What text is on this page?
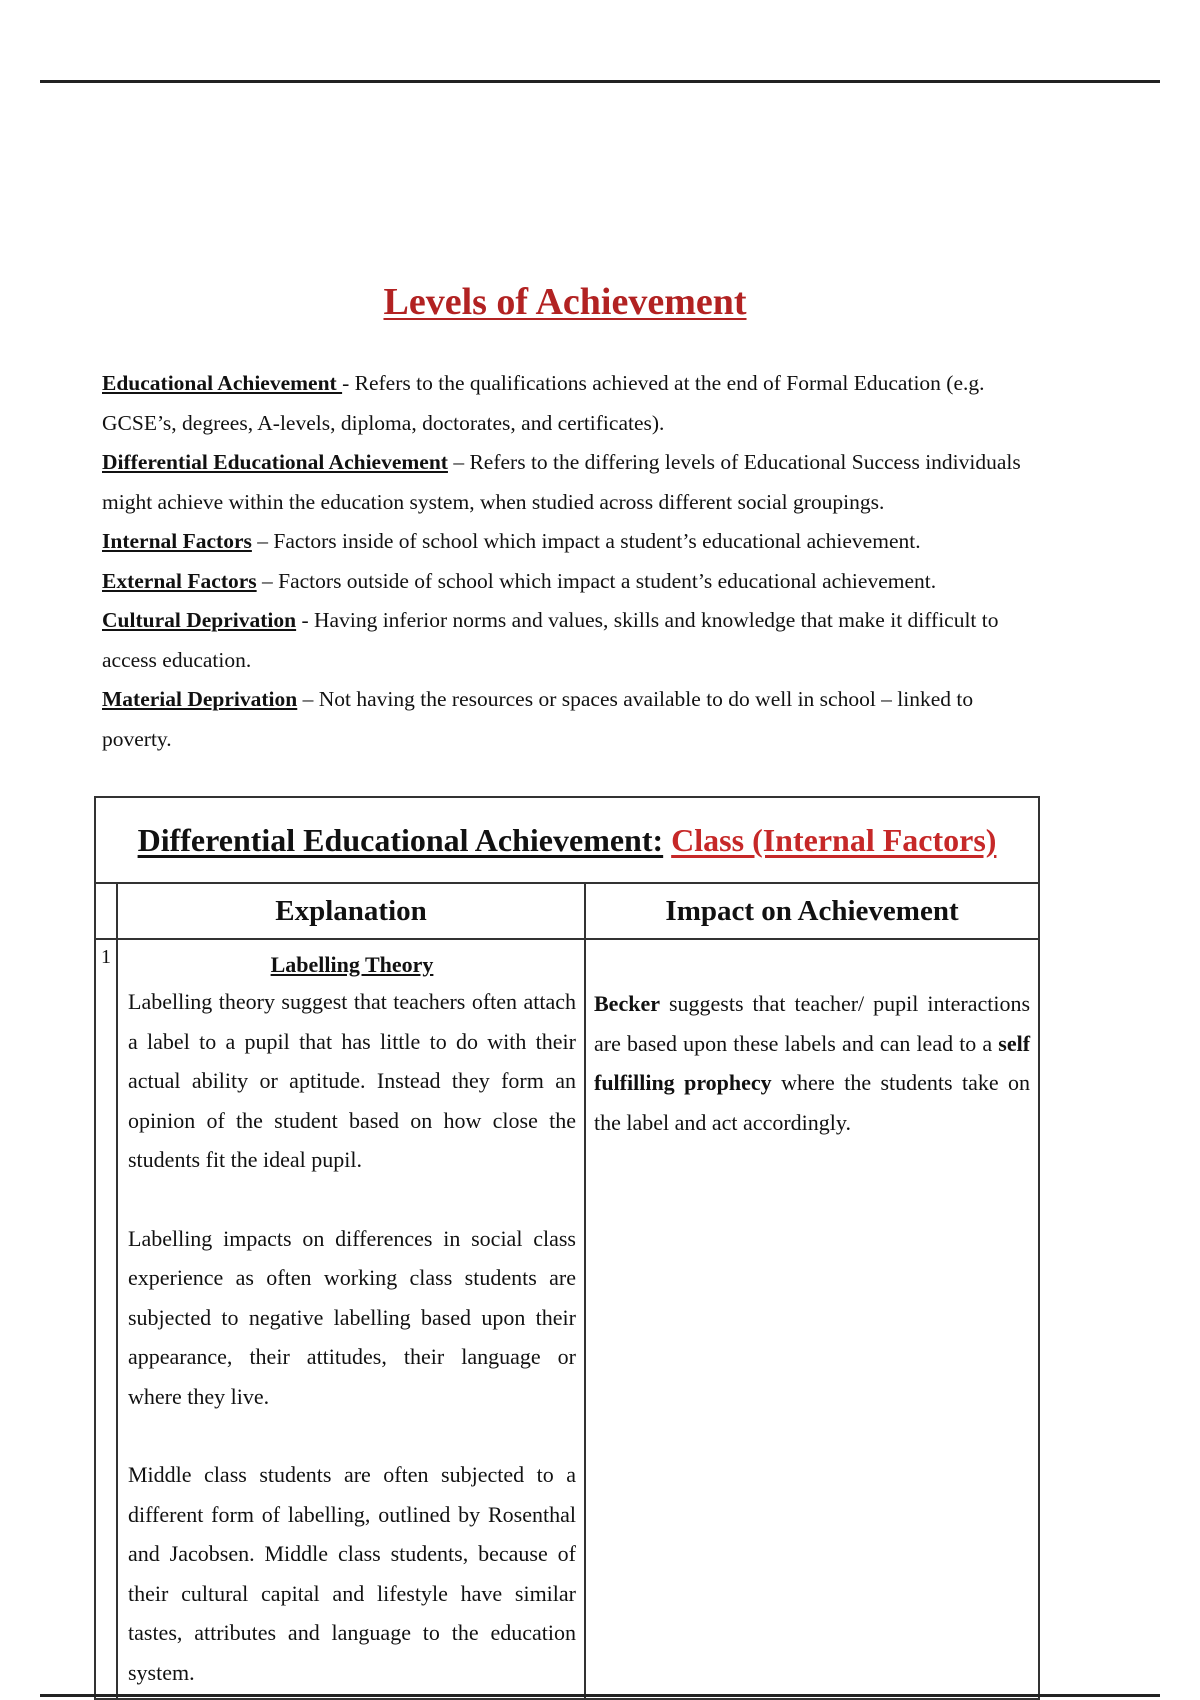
Levels of Achievement

Educational Achievement - Refers to the qualifications achieved at the end of Formal Education (e.g. GCSE’s, degrees, A-levels, diploma, doctorates, and certificates).

Differential Educational Achievement – Refers to the differing levels of Educational Success individuals might achieve within the education system, when studied across different social groupings.

Internal Factors – Factors inside of school which impact a student’s educational achievement.

External Factors – Factors outside of school which impact a student’s educational achievement.

Cultural Deprivation - Having inferior norms and values, skills and knowledge that make it difficult to access education.

Material Deprivation – Not having the resources or spaces available to do well in school – linked to poverty.

Differential Educational Achievement: Class (Internal Factors)		
	Explanation	Impact on Achievement
1	Labelling Theory

Labelling theory suggest that teachers often attach a label to a pupil that has little to do with their actual ability or aptitude. Instead they form an opinion of the student based on how close the students fit the ideal pupil.

Labelling impacts on differences in social class experience as often working class students are subjected to negative labelling based upon their appearance, their attitudes, their language or where they live.

Middle class students are often subjected to a different form of labelling, outlined by Rosenthal and Jacobsen. Middle class students, because of their cultural capital and lifestyle have similar tastes, attributes and language to the education system.	Becker suggests that teacher/ pupil interactions are based upon these labels and can lead to a self fulfilling prophecy where the students take on the label and act accordingly.
